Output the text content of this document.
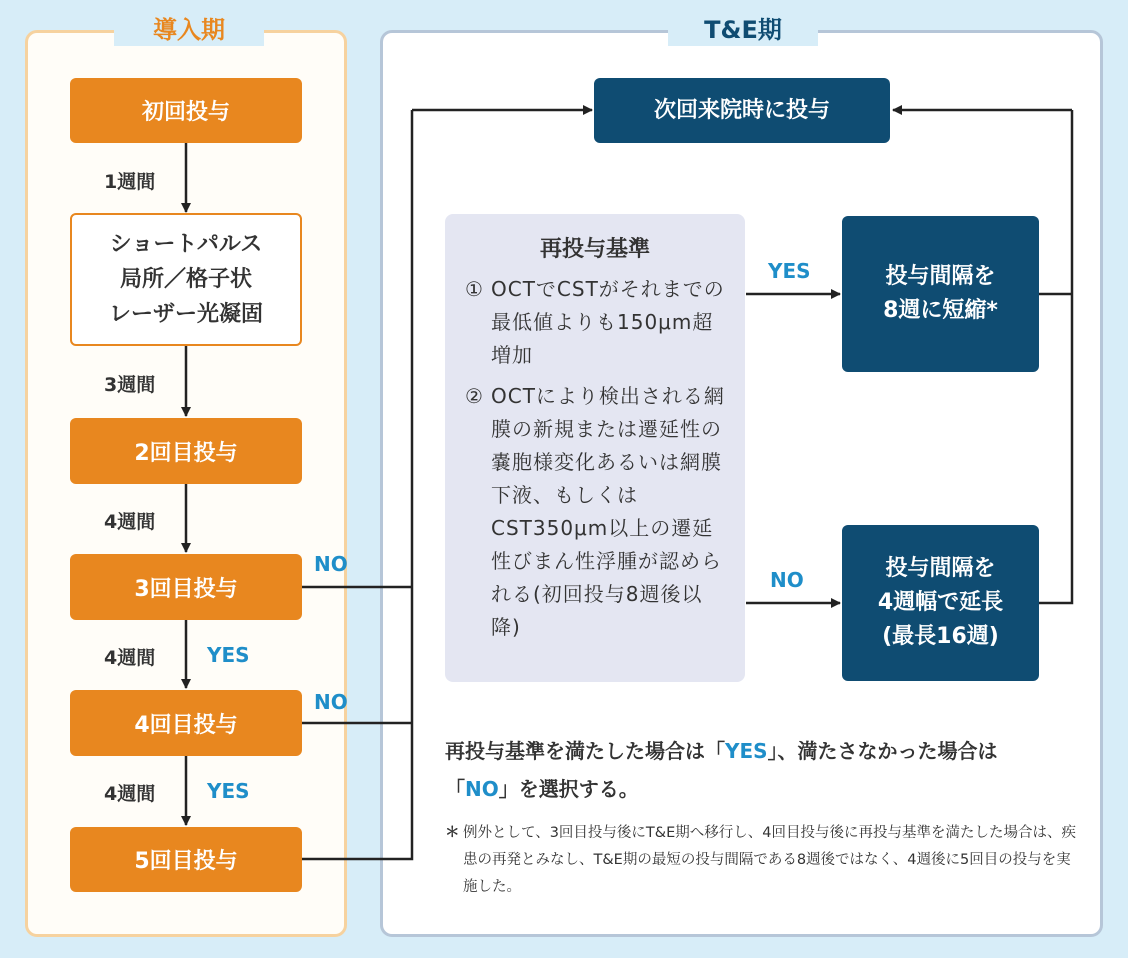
導入期	T&E期
初回投与
1週間
ショートパルス
局所／格子状
レーザー光凝固
3週間
2回目投与
4週間
3回目投与
NO
4週間	YES
4回目投与
NO
4週間	YES
5回目投与
次回来院時に投与
再投与基準
① OCTでCSTがそれまでの最低値よりも150μm超増加
② OCTにより検出される網膜の新規または遷延性の嚢胞様変化あるいは網膜下液、もしくはCST350μm以上の遷延性びまん性浮腫が認められる(初回投与8週後以降)
YES
NO
投与間隔を
8週に短縮*
投与間隔を
4週幅で延長
(最長16週)
再投与基準を満たした場合は「YES」、満たさなかった場合は
「NO」を選択する。
＊ 例外として、3回目投与後にT&E期へ移行し、4回目投与後に再投与基準を満たした場合は、疾患の再発とみなし、T&E期の最短の投与間隔である8週後ではなく、4週後に5回目の投与を実施した。
